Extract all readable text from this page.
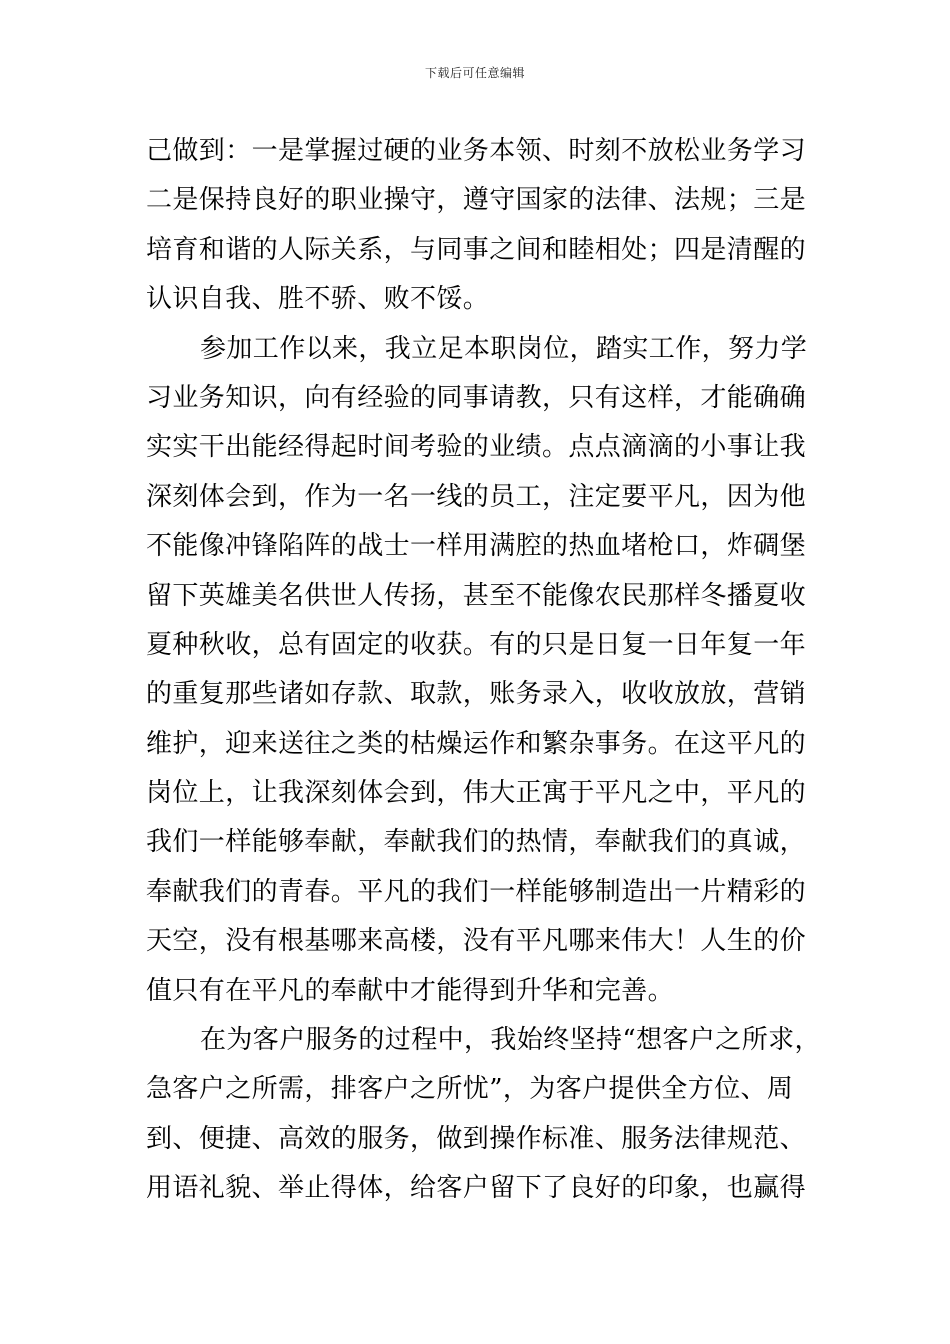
下载后可任意编辑
己做到：一是掌握过硬的业务本领、时刻不放松业务学习
二是保持良好的职业操守，遵守国家的法律、法规；三是
培育和谐的人际关系，与同事之间和睦相处；四是清醒的
认识自我、胜不骄、败不馁。
参加工作以来，我立足本职岗位，踏实工作，努力学
习业务知识，向有经验的同事请教，只有这样，才能确确
实实干出能经得起时间考验的业绩。点点滴滴的小事让我
深刻体会到，作为一名一线的员工，注定要平凡，因为他
不能像冲锋陷阵的战士一样用满腔的热血堵枪口，炸碉堡
留下英雄美名供世人传扬，甚至不能像农民那样冬播夏收
夏种秋收，总有固定的收获。有的只是日复一日年复一年
的重复那些诸如存款、取款，账务录入，收收放放，营销
维护，迎来送往之类的枯燥运作和繁杂事务。在这平凡的
岗位上，让我深刻体会到，伟大正寓于平凡之中，平凡的
我们一样能够奉献，奉献我们的热情，奉献我们的真诚，
奉献我们的青春。平凡的我们一样能够制造出一片精彩的
天空，没有根基哪来高楼，没有平凡哪来伟大！人生的价
值只有在平凡的奉献中才能得到升华和完善。
在为客户服务的过程中，我始终坚持“想客户之所求，
急客户之所需，排客户之所忧”，为客户提供全方位、周
到、便捷、高效的服务，做到操作标准、服务法律规范、
用语礼貌、举止得体，给客户留下了良好的印象，也赢得
